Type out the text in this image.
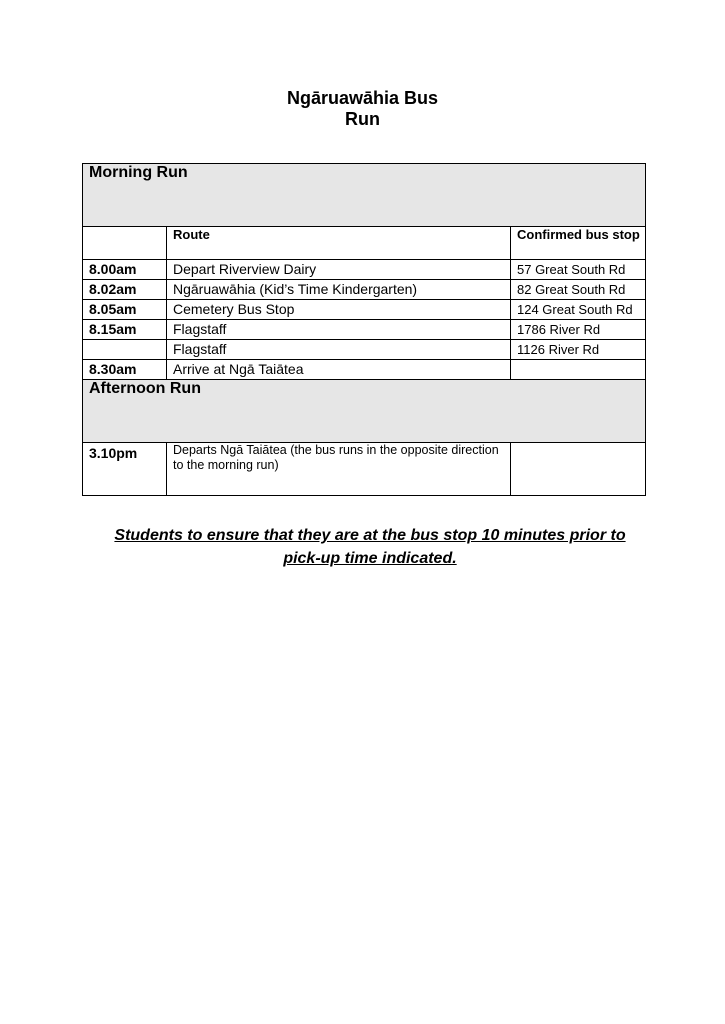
Ngāruawāhia Bus
Run
Morning Run		
	Route	Confirmed bus stop
8.00am	Depart Riverview Dairy	57 Great South Rd
8.02am	Ngāruawāhia (Kid’s Time Kindergarten)	82 Great South Rd
8.05am	Cemetery Bus Stop	124 Great South Rd
8.15am	Flagstaff	1786 River Rd
	Flagstaff	1126 River Rd
8.30am	Arrive at Ngā Taiātea	
Afternoon Run		
3.10pm	Departs Ngā Taiātea (the bus runs in the opposite direction
to the morning run)	

Students to ensure that they are at the bus stop 10 minutes prior to
pick-up time indicated.
